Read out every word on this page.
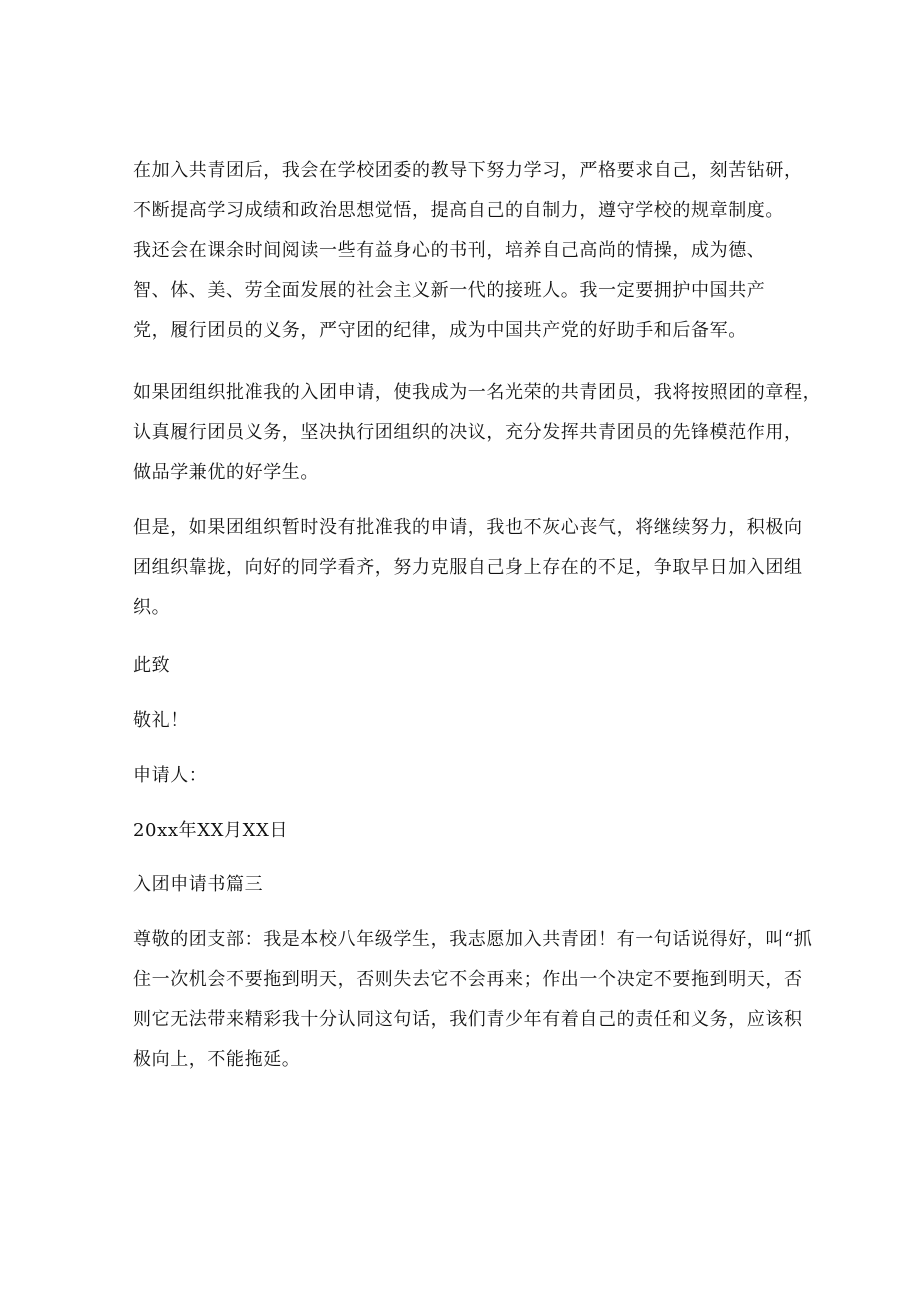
在加入共青团后，我会在学校团委的教导下努力学习，严格要求自己，刻苦钻研，
不断提高学习成绩和政治思想觉悟，提高自己的自制力，遵守学校的规章制度。
我还会在课余时间阅读一些有益身心的书刊，培养自己高尚的情操，成为德、
智、体、美、劳全面发展的社会主义新一代的接班人。我一定要拥护中国共产
党，履行团员的义务，严守团的纪律，成为中国共产党的好助手和后备军。
如果团组织批准我的入团申请，使我成为一名光荣的共青团员，我将按照团的章程，
认真履行团员义务，坚决执行团组织的决议，充分发挥共青团员的先锋模范作用，
做品学兼优的好学生。
但是，如果团组织暂时没有批准我的申请，我也不灰心丧气，将继续努力，积极向
团组织靠拢，向好的同学看齐，努力克服自己身上存在的不足，争取早日加入团组
织。
此致
敬礼！
申请人：
20xx年XX月XX日
入团申请书篇三
尊敬的团支部：我是本校八年级学生，我志愿加入共青团！有一句话说得好，叫“抓
住一次机会不要拖到明天，否则失去它不会再来；作出一个决定不要拖到明天，否
则它无法带来精彩我十分认同这句话，我们青少年有着自己的责任和义务，应该积
极向上，不能拖延。
